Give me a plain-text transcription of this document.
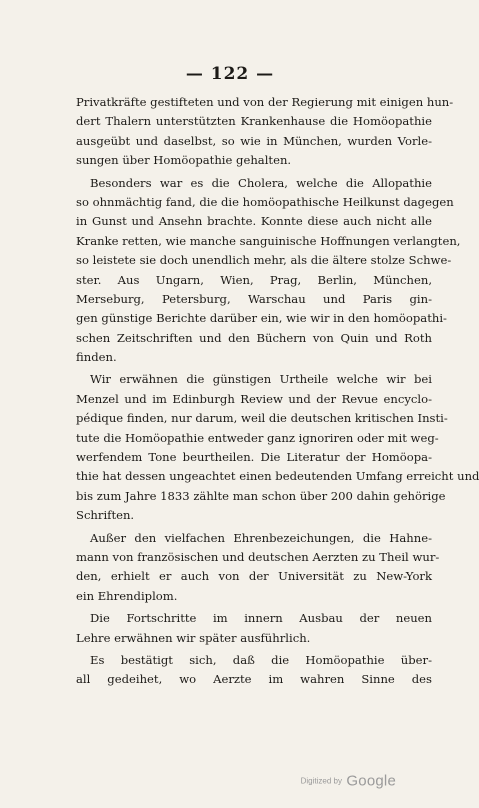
— 122 —
Privatkräfte gestifteten und von der Regierung mit einigen hun-
dert Thalern unterstützten Krankenhause die Homöopathie
ausgeübt und daselbst, so wie in München, wurden Vorle-
sungen über Homöopathie gehalten.
Besonders war es die Cholera, welche die Allopathie
so ohnmächtig fand, die die homöopathische Heilkunst dagegen
in Gunst und Ansehn brachte. Konnte diese auch nicht alle
Kranke retten, wie manche sanguinische Hoffnungen verlangten,
so leistete sie doch unendlich mehr, als die ältere stolze Schwe-
ster. Aus Ungarn, Wien, Prag, Berlin, München,
Merseburg, Petersburg, Warschau und Paris gin-
gen günstige Berichte darüber ein, wie wir in den homöopathi-
schen Zeitschriften und den Büchern von Quin und Roth
finden.
Wir erwähnen die günstigen Urtheile welche wir bei
Menzel und im Edinburgh Review und der Revue encyclo-
pédique finden, nur darum, weil die deutschen kritischen Insti-
tute die Homöopathie entweder ganz ignoriren oder mit weg-
werfendem Tone beurtheilen. Die Literatur der Homöopa-
thie hat dessen ungeachtet einen bedeutenden Umfang erreicht und
bis zum Jahre 1833 zählte man schon über 200 dahin gehörige
Schriften.
Außer den vielfachen Ehrenbezeichungen, die Hahne-
mann von französischen und deutschen Aerzten zu Theil wur-
den, erhielt er auch von der Universität zu New-York
ein Ehrendiplom.
Die Fortschritte im innern Ausbau der neuen
Lehre erwähnen wir später ausführlich.
Es bestätigt sich, daß die Homöopathie über-
all gedeihet, wo Aerzte im wahren Sinne des
Digitized by Google
